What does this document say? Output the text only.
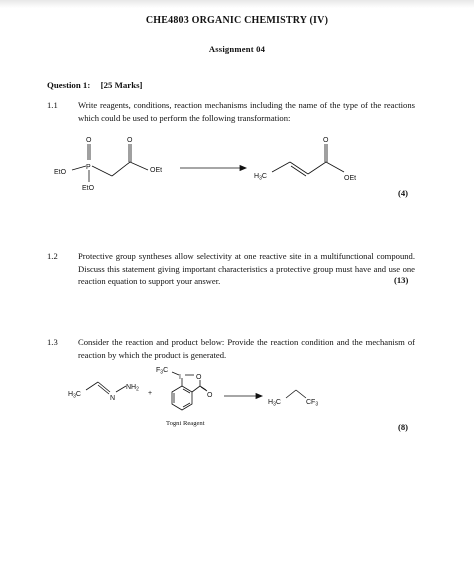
CHE4803 ORGANIC CHEMISTRY (IV)
Assignment 04
Question 1: [25 Marks]
1.1 Write reagents, conditions, reaction mechanisms including the name of the type of the reactions which could be used to perform the following transformation:
O
P
EtO
EtO
O
OEt
$H_3C$
O
OEt
(4)
1.2 Protective group syntheses allow selectivity at one reactive site in a multifunctional compound. Discuss this statement giving important characteristics a protective group must have and use one reaction equation to support your answer.	(13)
1.3 Consider the reaction and product below: Provide the reaction condition and the mechanism of reaction by which the product is generated.
$H_3C$
N
$NH_2$
+
$F_3C$
I O
O
$H_3C$	$CF_3$
Togni Reagent	(8)
